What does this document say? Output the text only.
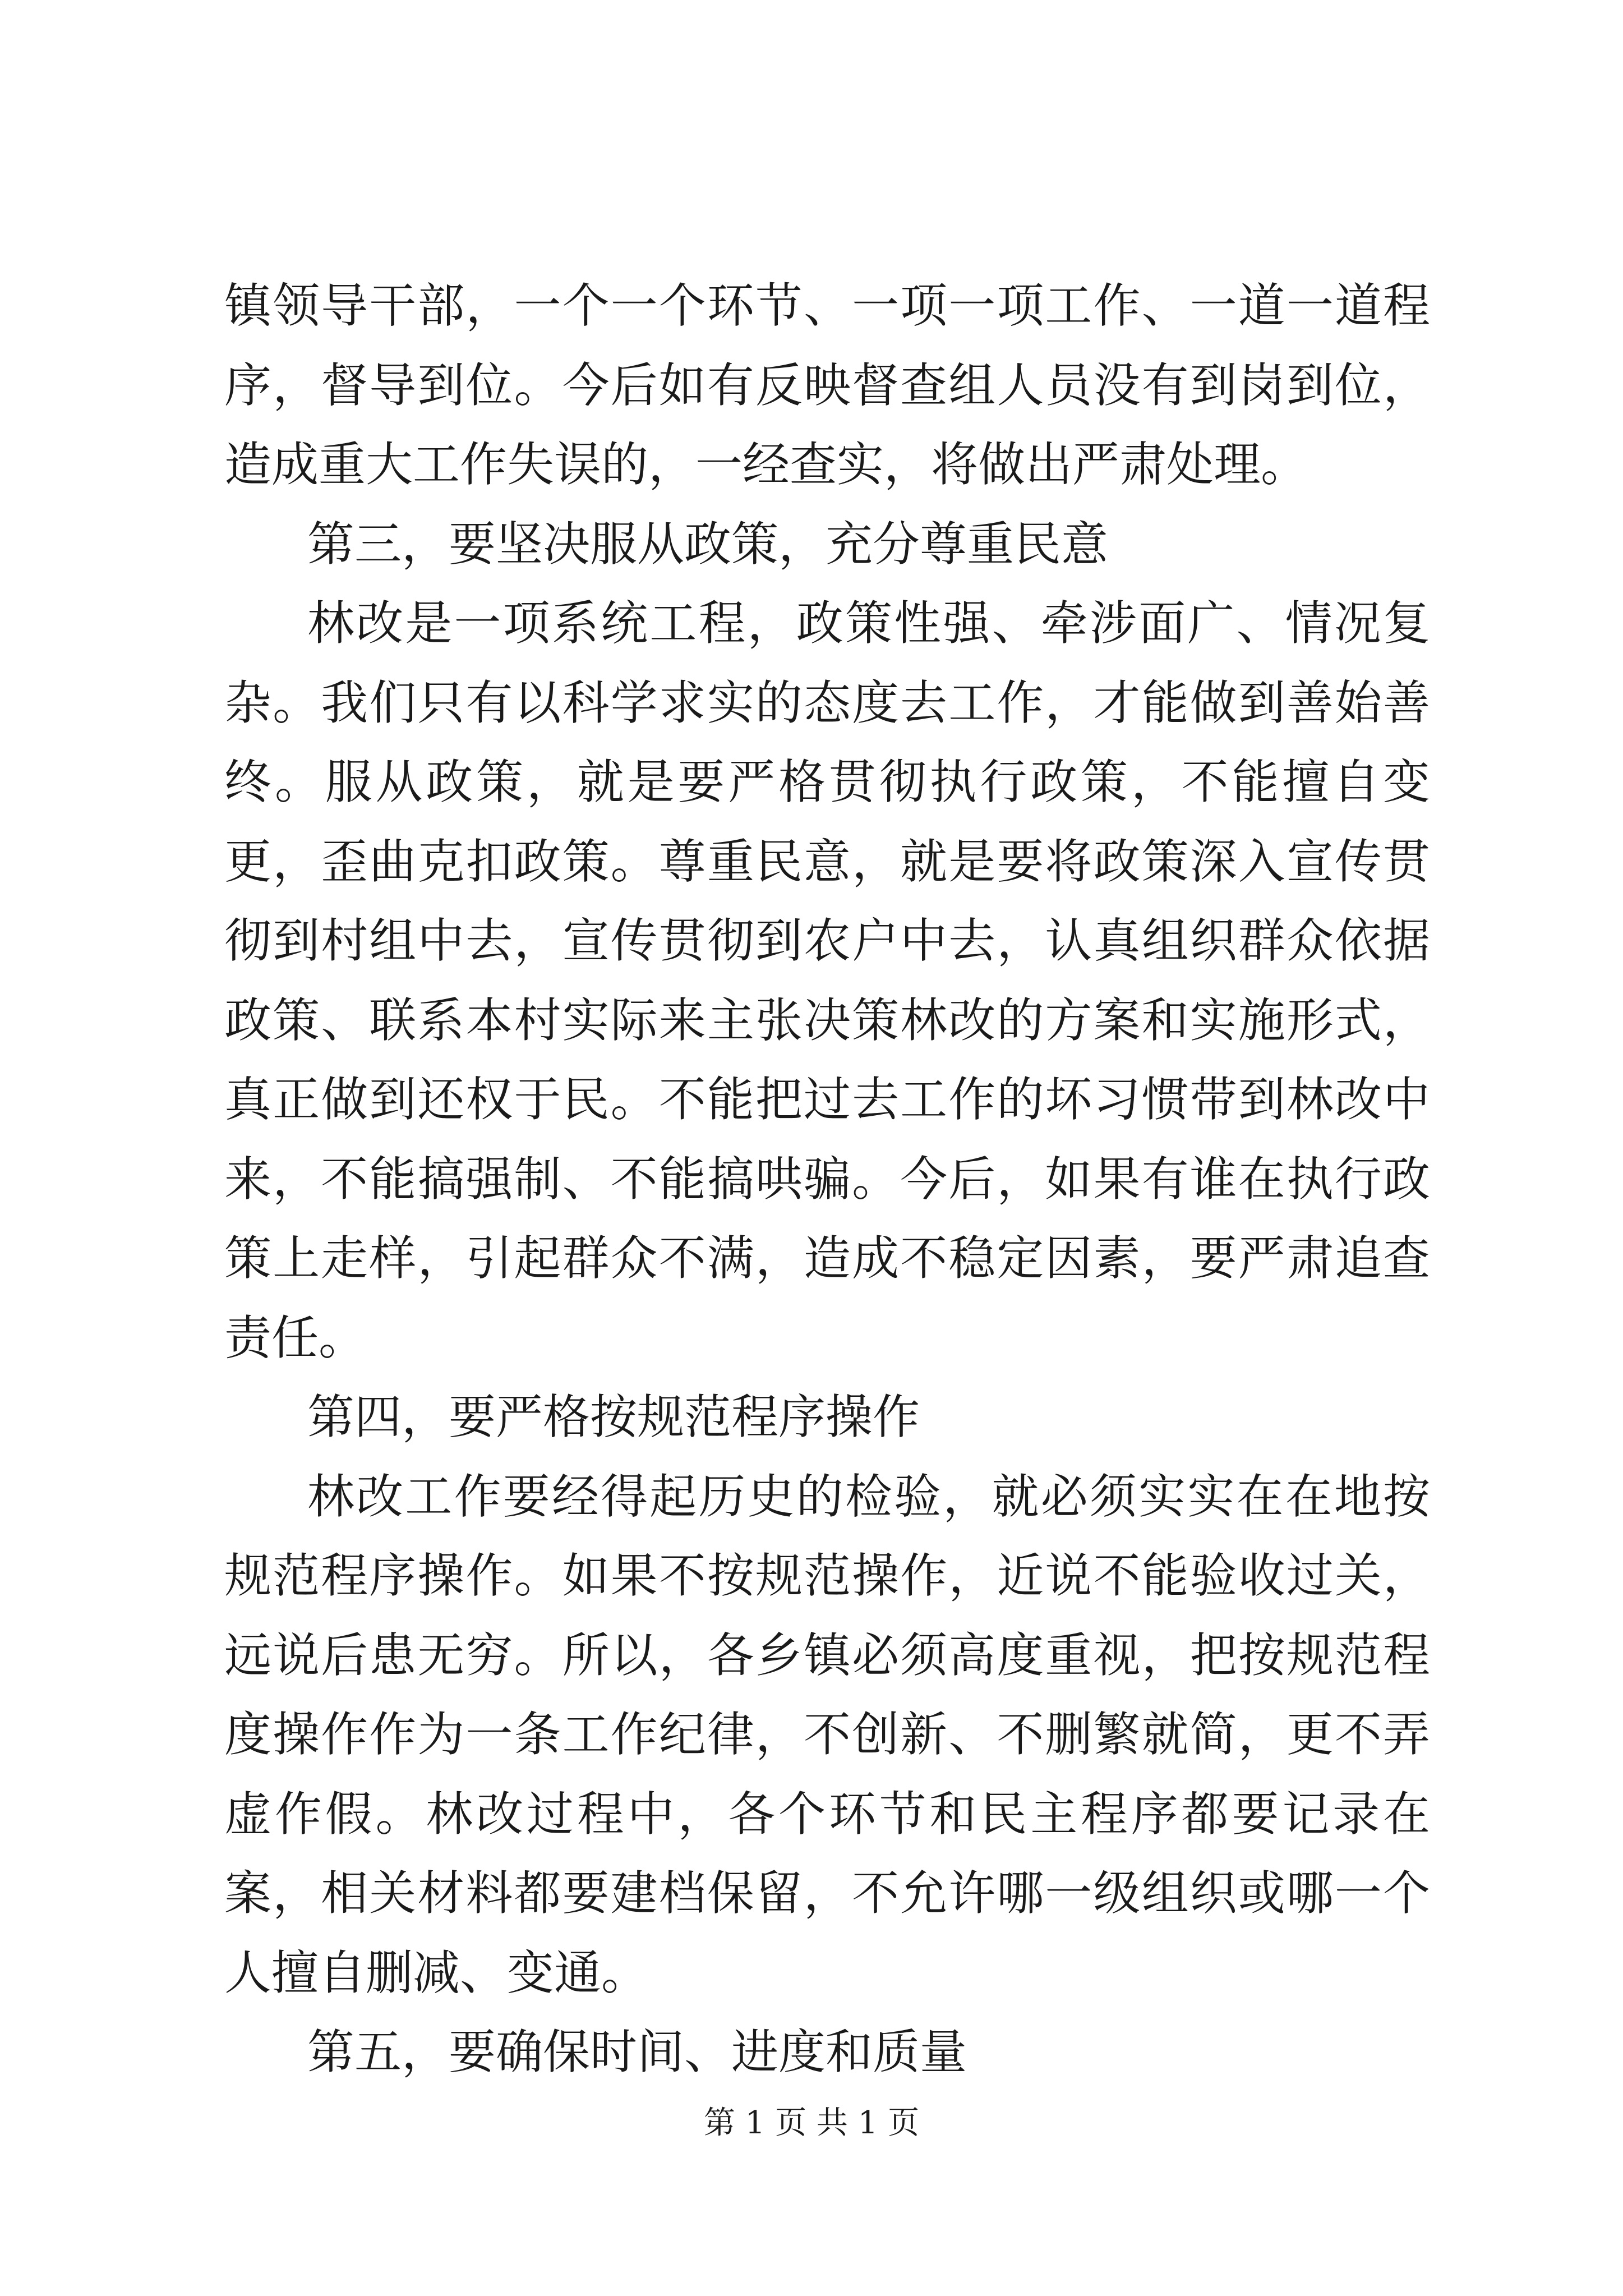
镇领导干部，一个一个环节、一项一项工作、一道一道程序，督导到位。今后如有反映督查组人员没有到岗到位，造成重大工作失误的，一经查实，将做出严肃处理。

第三，要坚决服从政策，充分尊重民意

林改是一项系统工程，政策性强、牵涉面广、情况复杂。我们只有以科学求实的态度去工作，才能做到善始善终。服从政策，就是要严格贯彻执行政策，不能擅自变更，歪曲克扣政策。尊重民意，就是要将政策深入宣传贯彻到村组中去，宣传贯彻到农户中去，认真组织群众依据政策、联系本村实际来主张决策林改的方案和实施形式，真正做到还权于民。不能把过去工作的坏习惯带到林改中来，不能搞强制、不能搞哄骗。今后，如果有谁在执行政策上走样，引起群众不满，造成不稳定因素，要严肃追查责任。

第四，要严格按规范程序操作

林改工作要经得起历史的检验，就必须实实在在地按规范程序操作。如果不按规范操作，近说不能验收过关，远说后患无穷。所以，各乡镇必须高度重视，把按规范程度操作作为一条工作纪律，不创新、不删繁就简，更不弄虚作假。林改过程中，各个环节和民主程序都要记录在案，相关材料都要建档保留，不允许哪一级组织或哪一个人擅自删减、变通。

第五，要确保时间、进度和质量

第 1 页 共 1 页
